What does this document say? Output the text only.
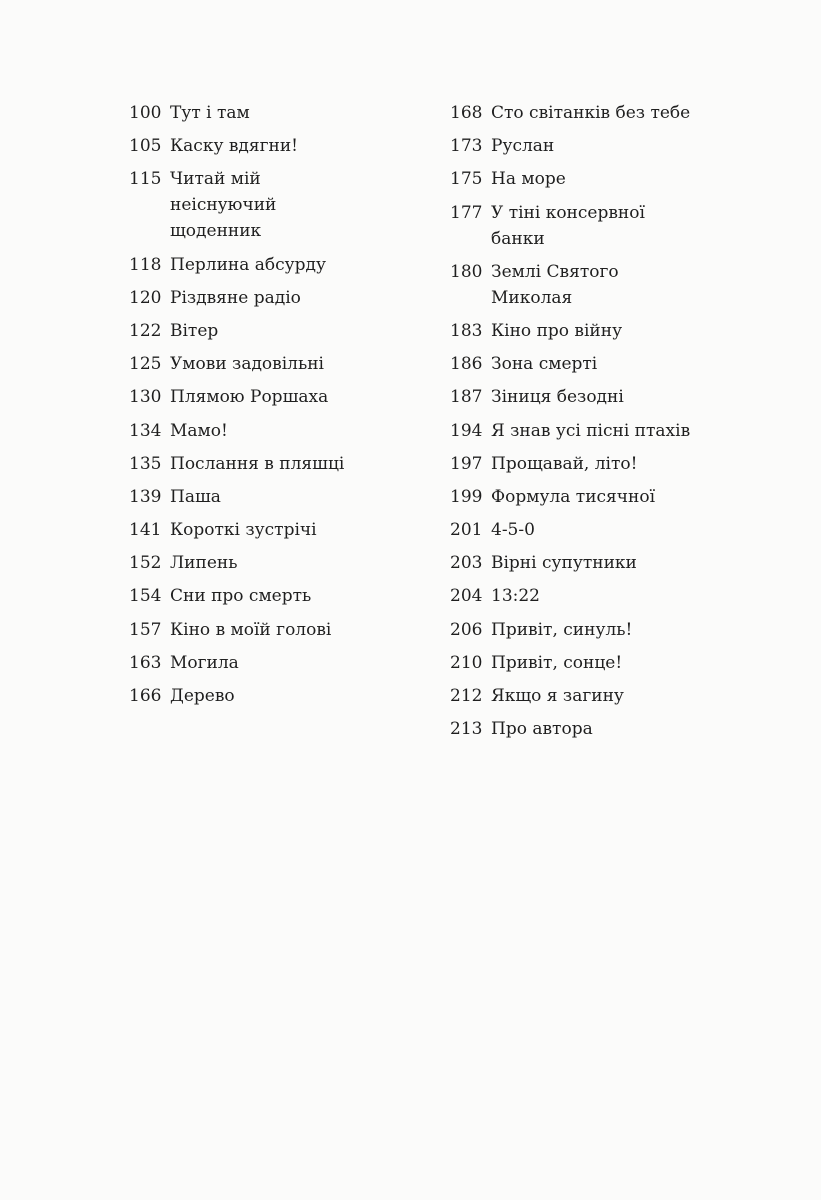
100 Тут і там
105 Каску вдягни!
115 Читай мій неіснуючий щоденник
118 Перлина абсурду
120 Різдвяне радіо
122 Вітер
125 Умови задовільні
130 Плямою Роршаха
134 Мамо!
135 Послання в пляшці
139 Паша
141 Короткі зустрічі
152 Липень
154 Сни про смерть
157 Кіно в моїй голові
163 Могила
166 Дерево
168 Сто світанків без тебе
173 Руслан
175 На море
177 У тіні консервної банки
180 Землі Святого Миколая
183 Кіно про війну
186 Зона смерті
187 Зіниця безодні
194 Я знав усі пісні птахів
197 Прощавай, літо!
199 Формула тисячної
201 4-5-0
203 Вірні супутники
204 13:22
206 Привіт, синуль!
210 Привіт, сонце!
212 Якщо я загину
213 Про автора
